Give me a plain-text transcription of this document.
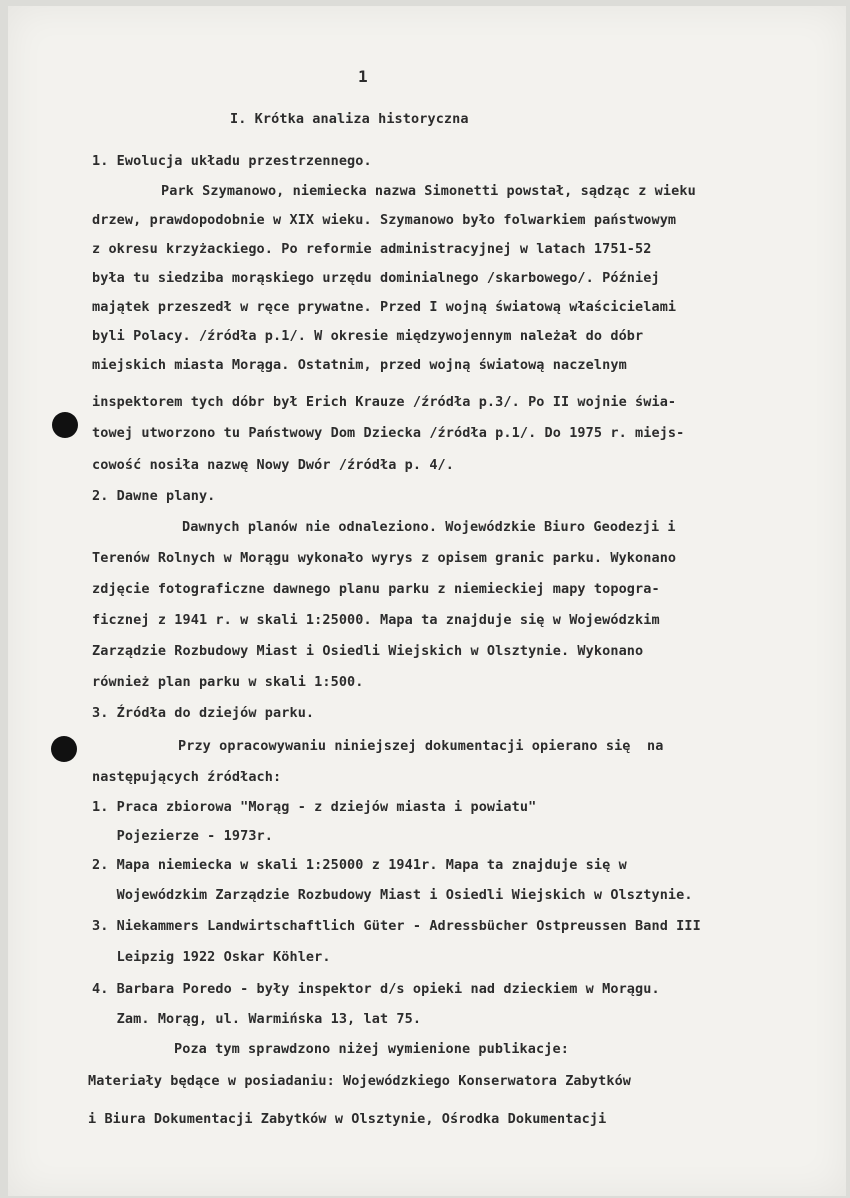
1
I. Krótka analiza historyczna
1. Ewolucja układu przestrzennego.
Park Szymanowo, niemiecka nazwa Simonetti powstał, sądząc z wieku
drzew, prawdopodobnie w XIX wieku. Szymanowo było folwarkiem państwowym
z okresu krzyżackiego. Po reformie administracyjnej w latach 1751-52
była tu siedziba morąskiego urzędu dominialnego /skarbowego/. Później
majątek przeszedł w ręce prywatne. Przed I wojną światową właścicielami
byli Polacy. /źródła p.1/. W okresie międzywojennym należał do dóbr
miejskich miasta Morąga. Ostatnim, przed wojną światową naczelnym
inspektorem tych dóbr był Erich Krauze /źródła p.3/. Po II wojnie świa-
towej utworzono tu Państwowy Dom Dziecka /źródła p.1/. Do 1975 r. miejs-
cowość nosiła nazwę Nowy Dwór /źródła p. 4/.
2. Dawne plany.
Dawnych planów nie odnaleziono. Wojewódzkie Biuro Geodezji i
Terenów Rolnych w Morągu wykonało wyrys z opisem granic parku. Wykonano
zdjęcie fotograficzne dawnego planu parku z niemieckiej mapy topogra-
ficznej z 1941 r. w skali 1:25000. Mapa ta znajduje się w Wojewódzkim
Zarządzie Rozbudowy Miast i Osiedli Wiejskich w Olsztynie. Wykonano
również plan parku w skali 1:500.
3. Źródła do dziejów parku.
Przy opracowywaniu niniejszej dokumentacji opierano się  na
następujących źródłach:
1. Praca zbiorowa "Morąg - z dziejów miasta i powiatu"
Pojezierze - 1973r.
2. Mapa niemiecka w skali 1:25000 z 1941r. Mapa ta znajduje się w
Wojewódzkim Zarządzie Rozbudowy Miast i Osiedli Wiejskich w Olsztynie.
3. Niekammers Landwirtschaftlich Güter - Adressbücher Ostpreussen Band III
Leipzig 1922 Oskar Köhler.
4. Barbara Poredo - były inspektor d/s opieki nad dzieckiem w Morągu.
Zam. Morąg, ul. Warmińska 13, lat 75.
Poza tym sprawdzono niżej wymienione publikacje:
Materiały będące w posiadaniu: Wojewódzkiego Konserwatora Zabytków
i Biura Dokumentacji Zabytków w Olsztynie, Ośrodka Dokumentacji
